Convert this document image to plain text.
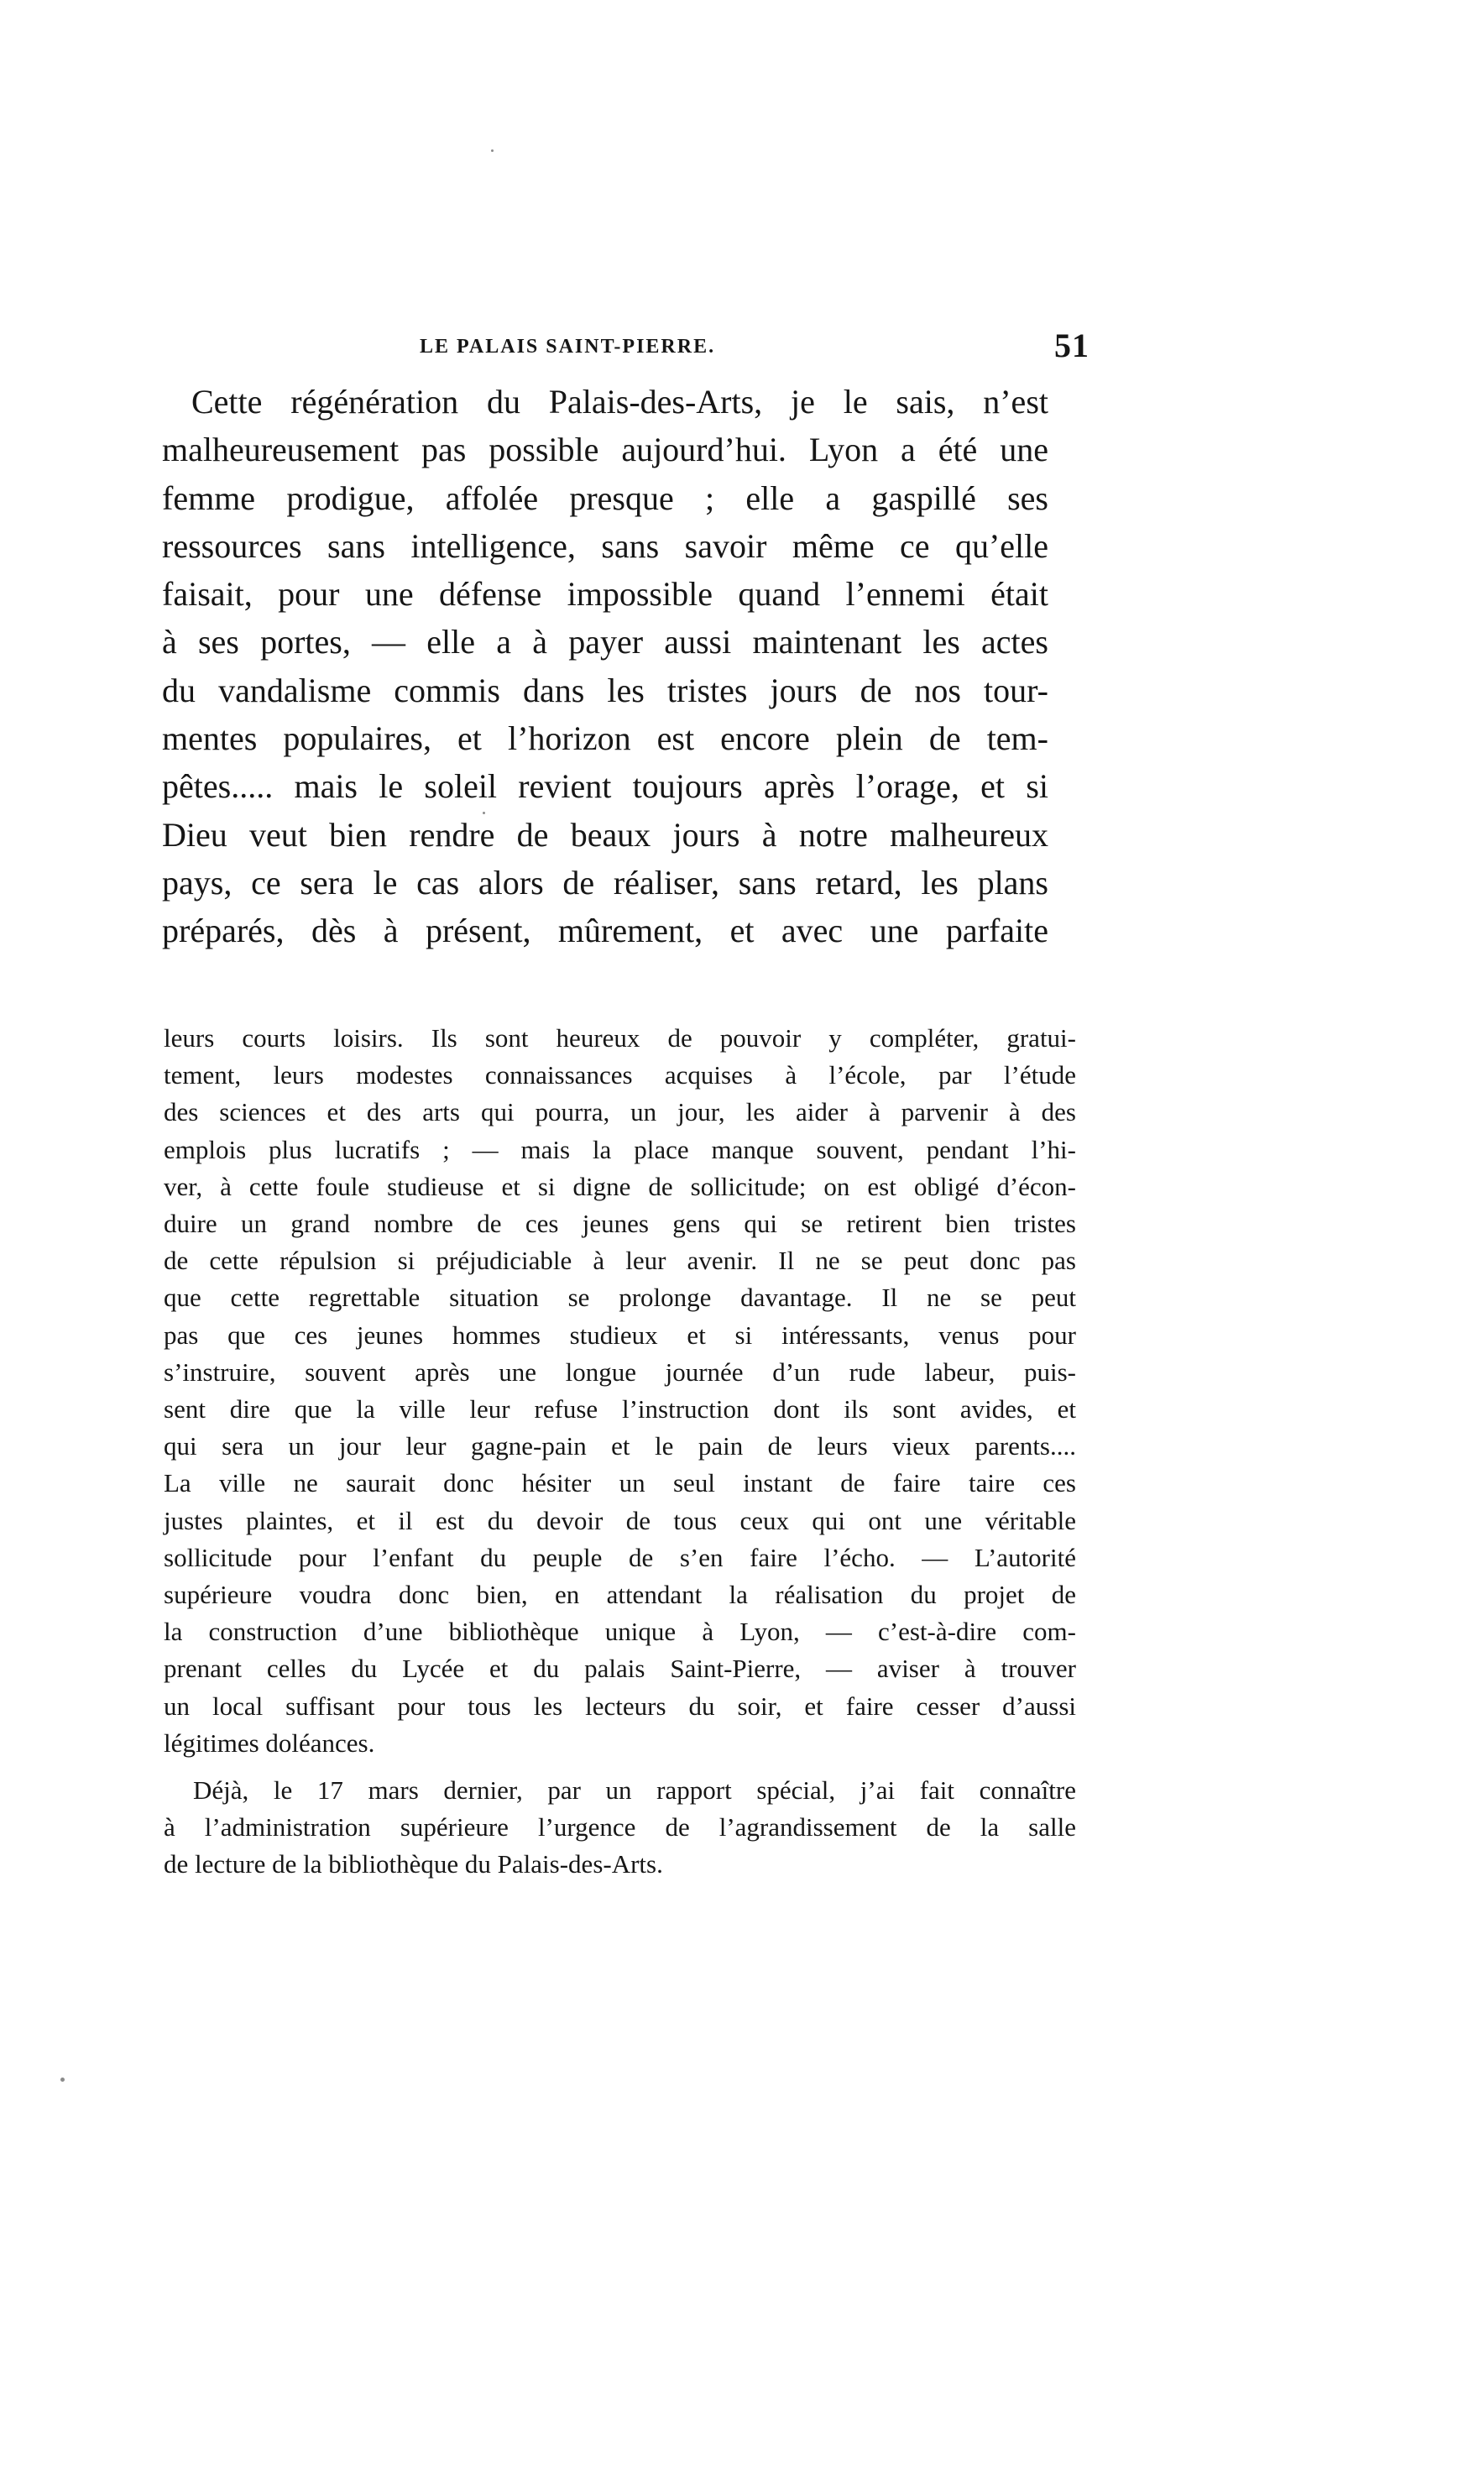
LE PALAIS SAINT-PIERRE.	51
Cette régénération du Palais-des-Arts, je le sais, n’est
malheureusement pas possible aujourd’hui. Lyon a été une
femme prodigue, affolée presque ; elle a gaspillé ses
ressources sans intelligence, sans savoir même ce qu’elle
faisait, pour une défense impossible quand l’ennemi était
à ses portes, — elle a à payer aussi maintenant les actes
du vandalisme commis dans les tristes jours de nos tour-
mentes populaires, et l’horizon est encore plein de tem-
pêtes..... mais le soleil revient toujours après l’orage, et si
Dieu veut bien rendre de beaux jours à notre malheureux
pays, ce sera le cas alors de réaliser, sans retard, les plans
préparés, dès à présent, mûrement, et avec une parfaite
leurs courts loisirs. Ils sont heureux de pouvoir y compléter, gratui-
tement, leurs modestes connaissances acquises à l’école, par l’étude
des sciences et des arts qui pourra, un jour, les aider à parvenir à des
emplois plus lucratifs ; — mais la place manque souvent, pendant l’hi-
ver, à cette foule studieuse et si digne de sollicitude; on est obligé d’écon-
duire un grand nombre de ces jeunes gens qui se retirent bien tristes
de cette répulsion si préjudiciable à leur avenir. Il ne se peut donc pas
que cette regrettable situation se prolonge davantage. Il ne se peut
pas que ces jeunes hommes studieux et si intéressants, venus pour
s’instruire, souvent après une longue journée d’un rude labeur, puis-
sent dire que la ville leur refuse l’instruction dont ils sont avides, et
qui sera un jour leur gagne-pain et le pain de leurs vieux parents....
La ville ne saurait donc hésiter un seul instant de faire taire ces
justes plaintes, et il est du devoir de tous ceux qui ont une véritable
sollicitude pour l’enfant du peuple de s’en faire l’écho. — L’autorité
supérieure voudra donc bien, en attendant la réalisation du projet de
la construction d’une bibliothèque unique à Lyon, — c’est-à-dire com-
prenant celles du Lycée et du palais Saint-Pierre, — aviser à trouver
un local suffisant pour tous les lecteurs du soir, et faire cesser d’aussi
légitimes doléances.
Déjà, le 17 mars dernier, par un rapport spécial, j’ai fait connaître
à l’administration supérieure l’urgence de l’agrandissement de la salle
de lecture de la bibliothèque du Palais-des-Arts.
